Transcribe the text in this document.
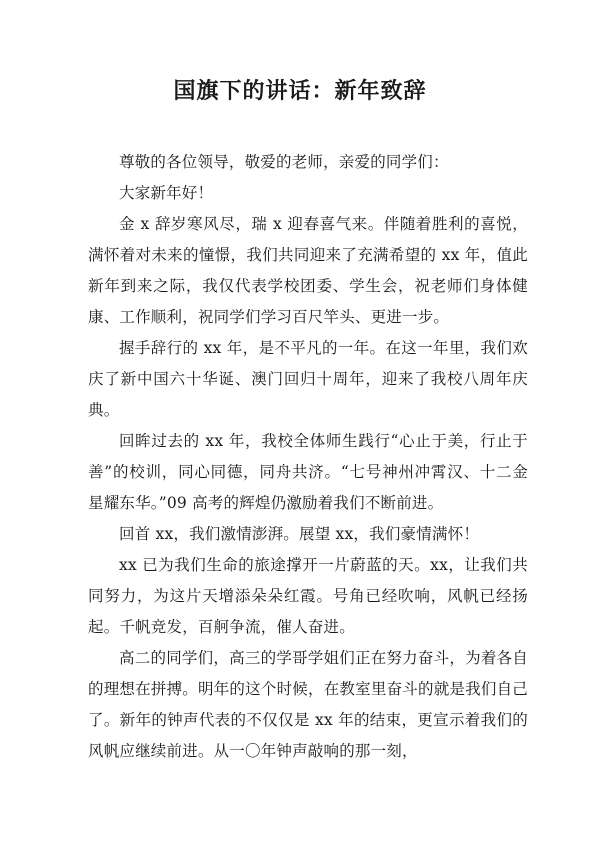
国旗下的讲话：新年致辞

尊敬的各位领导，敬爱的老师，亲爱的同学们：

大家新年好！

金 x 辞岁寒风尽，瑞 x 迎春喜气来。伴随着胜利的喜悦，满怀着对未来的憧憬，我们共同迎来了充满希望的 xx 年，值此新年到来之际，我仅代表学校团委、学生会，祝老师们身体健康、工作顺利，祝同学们学习百尺竿头、更进一步。

握手辞行的 xx 年，是不平凡的一年。在这一年里，我们欢庆了新中国六十华诞、澳门回归十周年，迎来了我校八周年庆典。

回眸过去的 xx 年，我校全体师生践行“心止于美，行止于善”的校训，同心同德，同舟共济。“七号神州冲霄汉、十二金星耀东华。”09 高考的辉煌仍激励着我们不断前进。

回首 xx，我们激情澎湃。展望 xx，我们豪情满怀！

xx 已为我们生命的旅途撑开一片蔚蓝的天。xx，让我们共同努力，为这片天增添朵朵红霞。号角已经吹响，风帆已经扬起。千帆竞发，百舸争流，催人奋进。

高二的同学们，高三的学哥学姐们正在努力奋斗，为着各自的理想在拼搏。明年的这个时候，在教室里奋斗的就是我们自己了。新年的钟声代表的不仅仅是 xx 年的结束，更宣示着我们的风帆应继续前进。从一〇年钟声敲响的那一刻，
